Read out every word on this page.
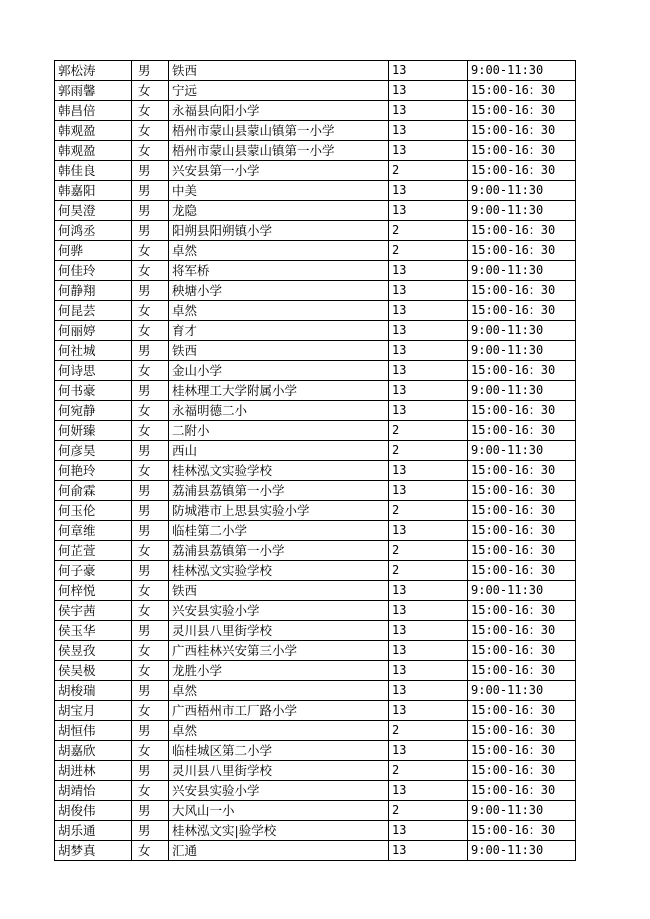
郭松涛	男	铁西	13	9:00-11:30
郭雨馨	女	宁远	13	15:00-16：30
韩昌倍	女	永福县向阳小学	13	15:00-16：30
韩观盈	女	梧州市蒙山县蒙山镇第一小学	13	15:00-16：30
韩观盈	女	梧州市蒙山县蒙山镇第一小学	13	15:00-16：30
韩佳良	男	兴安县第一小学	2	15:00-16：30
韩嘉阳	男	中美	13	9:00-11:30
何昊澄	男	龙隐	13	9:00-11:30
何鸿丞	男	阳朔县阳朔镇小学	2	15:00-16：30
何骅	女	卓然	2	15:00-16：30
何佳玲	女	将军桥	13	9:00-11:30
何静翔	男	秧塘小学	13	15:00-16：30
何昆芸	女	卓然	13	15:00-16：30
何丽婷	女	育才	13	9:00-11:30
何社城	男	铁西	13	9:00-11:30
何诗思	女	金山小学	13	15:00-16：30
何书豪	男	桂林理工大学附属小学	13	9:00-11:30
何宛静	女	永福明德二小	13	15:00-16：30
何妍臻	女	二附小	2	15:00-16：30
何彦昊	男	西山	2	9:00-11:30
何艳玲	女	桂林泓文实验学校	13	15:00-16：30
何俞霖	男	荔浦县荔镇第一小学	13	15:00-16：30
何玉伦	男	防城港市上思县实验小学	2	15:00-16：30
何章维	男	临桂第二小学	13	15:00-16：30
何芷萱	女	荔浦县荔镇第一小学	2	15:00-16：30
何子豪	男	桂林泓文实验学校	2	15:00-16：30
何梓悦	女	铁西	13	9:00-11:30
侯宇茜	女	兴安县实验小学	13	15:00-16：30
侯玉华	男	灵川县八里街学校	13	15:00-16：30
侯昱孜	女	广西桂林兴安第三小学	13	15:00-16：30
侯吴极	女	龙胜小学	13	15:00-16：30
胡梭瑞	男	卓然	13	9:00-11:30
胡宝月	女	广西梧州市工厂路小学	13	15:00-16：30
胡恒伟	男	卓然	2	15:00-16：30
胡嘉欣	女	临桂城区第二小学	13	15:00-16：30
胡进林	男	灵川县八里街学校	2	15:00-16：30
胡靖怡	女	兴安县实验小学	13	15:00-16：30
胡俊伟	男	大风山一小	2	9:00-11:30
胡乐通	男	桂林泓文实|验学校	13	15:00-16：30
胡梦真	女	汇通	13	9:00-11:30
